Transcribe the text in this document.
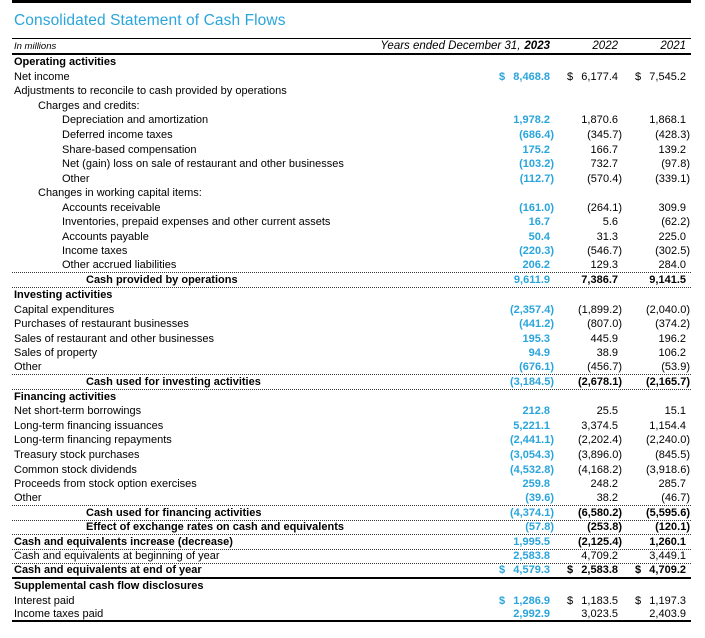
Consolidated Statement of Cash Flows
In millions	Years ended December 31, 2023	2022	2021
Operating activities
Net income	$ 8,468.8 $ 6,177.4 $ 7,545.2
Adjustments to reconcile to cash provided by operations
Charges and credits:
Depreciation and amortization	1,978.2	1,870.6	1,868.1
Deferred income taxes	(686.4)	(345.7)	(428.3)
Share-based compensation	175.2	166.7	139.2
Net (gain) loss on sale of restaurant and other businesses	(103.2)	732.7	(97.8)
Other	(112.7)	(570.4)	(339.1)
Changes in working capital items:
Accounts receivable	(161.0)	(264.1)	309.9
Inventories, prepaid expenses and other current assets	16.7	5.6	(62.2)
Accounts payable	50.4	31.3	225.0
Income taxes	(220.3)	(546.7)	(302.5)
Other accrued liabilities	206.2	129.3	284.0
Cash provided by operations	9,611.9	7,386.7	9,141.5
Investing activities
Capital expenditures	(2,357.4) (1,899.2) (2,040.0)
Purchases of restaurant businesses	(441.2)	(807.0)	(374.2)
Sales of restaurant and other businesses	195.3	445.9	196.2
Sales of property	94.9	38.9	106.2
Other	(676.1)	(456.7)	(53.9)
Cash used for investing activities	(3,184.5) (2,678.1) (2,165.7)
Financing activities
Net short-term borrowings	212.8	25.5	15.1
Long-term financing issuances	5,221.1	3,374.5	1,154.4
Long-term financing repayments	(2,441.1) (2,202.4) (2,240.0)
Treasury stock purchases	(3,054.3) (3,896.0)	(845.5)
Common stock dividends	(4,532.8) (4,168.2) (3,918.6)
Proceeds from stock option exercises	259.8	248.2	285.7
Other	(39.6)	38.2	(46.7)
Cash used for financing activities	(4,374.1) (6,580.2) (5,595.6)
Effect of exchange rates on cash and equivalents	(57.8)	(253.8)	(120.1)
Cash and equivalents increase (decrease)	1,995.5	(2,125.4) 1,260.1
Cash and equivalents at beginning of year	2,583.8	4,709.2	3,449.1
Cash and equivalents at end of year	$ 4,579.3 $ 2,583.8 $ 4,709.2
Supplemental cash flow disclosures
Interest paid	$ 1,286.9 $ 1,183.5 $ 1,197.3
Income taxes paid	2,992.9	3,023.5	2,403.9
